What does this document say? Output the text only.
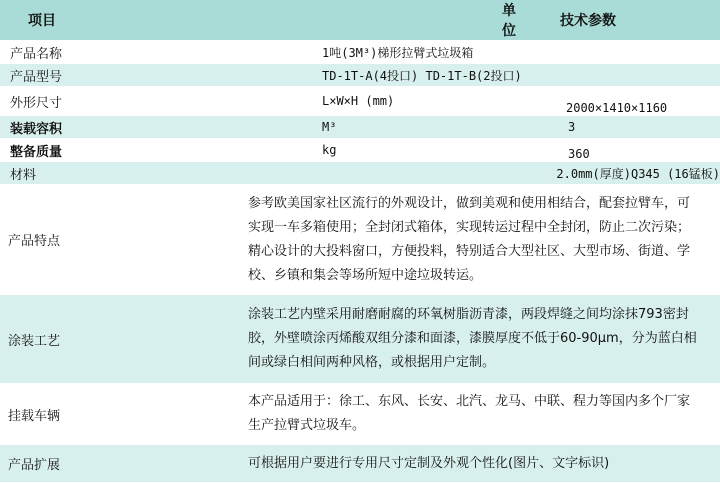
项目	单位	技术参数
产品名称	1吨(3M³)梯形拉臂式垃圾箱	
产品型号	TD-1T-A(4投口) TD-1T-B(2投口)	
外形尺寸	L×W×H (mm)	2000×1410×1160
装载容积	M³	3
整备质量	kg	360
材料	2.0mm(厚度)Q345 (16锰板)	
产品特点	参考欧美国家社区流行的外观设计，做到美观和使用相结合，配套拉臂车，可实现一车多箱使用；全封闭式箱体，实现转运过程中全封闭，防止二次污染；精心设计的大投料窗口，方便投料，特别适合大型社区、大型市场、街道、学校、乡镇和集会等场所短中途垃圾转运。	
涂装工艺	涂装工艺内壁采用耐磨耐腐的环氧树脂沥青漆，两段焊缝之间均涂抹793密封胶，外壁喷涂丙烯酸双组分漆和面漆，漆膜厚度不低于60-90μm，分为蓝白相间或绿白相间两种风格，或根据用户定制。	
挂载车辆	本产品适用于：徐工、东风、长安、北汽、龙马、中联、程力等国内多个厂家生产拉臂式垃圾车。	
产品扩展	可根据用户要进行专用尺寸定制及外观个性化(图片、文字标识)	
